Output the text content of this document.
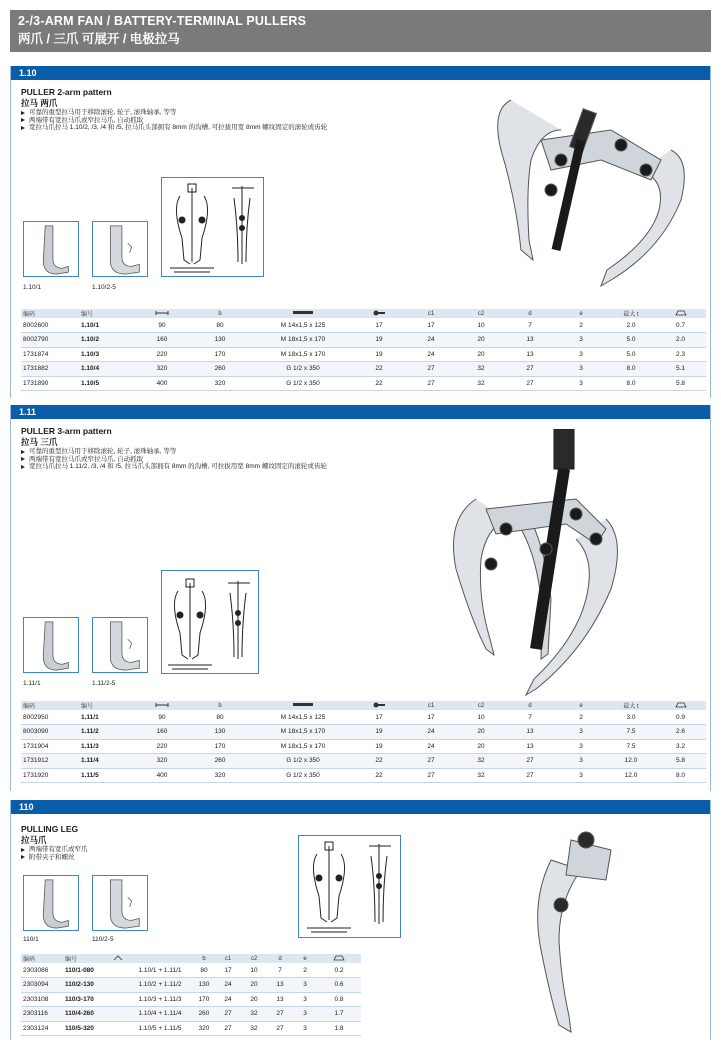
2-/3-ARM FAN / BATTERY-TERMINAL PULLERS
两爪 / 三爪 可展开 / 电极拉马
1.10
PULLER 2-arm pattern
拉马 两爪
可靠的重型拉马用于移除滚轮, 轮子, 滚珠轴承, 等等
两端带有宽拉马爪或窄拉马爪, 自动抓取
宽拉马爪拉马 1.10/2, /3, /4 和 /5, 拉马爪头部拥有 8mm 的沟槽, 可拉拔用宽 8mm 螺纹固定的滚轮或齿轮
1.10/1	1.10/2-5
编码	编号		b			c1	c2	d	e	最大 t	
8002600	1.10/1	90	80	M 14x1,5 x 125	17	17	10	7	2	2.0	0.7
8002790	1.10/2	160	130	M 18x1,5 x 170	19	24	20	13	3	5.0	2.0
1731874	1.10/3	220	170	M 18x1,5 x 170	19	24	20	13	3	5.0	2.3
1731882	1.10/4	320	260	G 1/2 x 350	22	27	32	27	3	8.0	5.1
1731890	1.10/5	400	320	G 1/2 x 350	22	27	32	27	3	8.0	5.8
1.11
PULLER 3-arm pattern
拉马 三爪
可靠的重型拉马用于移除滚轮, 轮子, 滚珠轴承, 等等
两端带有宽拉马爪或窄拉马爪, 自动抓取
宽拉马爪拉马 1.11/2, /3, /4 和 /5, 拉马爪头部拥有 8mm 的沟槽, 可拉拔用宽 8mm 螺纹固定的滚轮或齿轮
1.11/1	1.11/2-5
编码	编号		b			c1	c2	d	e	最大 t	
8002950	1.11/1	90	80	M 14x1,5 x 125	17	17	10	7	2	3.0	0.9
8003090	1.11/2	160	130	M 18x1,5 x 170	19	24	20	13	3	7.5	2.6
1731904	1.11/3	220	170	M 18x1,5 x 170	19	24	20	13	3	7.5	3.2
1731912	1.11/4	320	260	G 1/2 x 350	22	27	32	27	3	12.0	5.8
1731920	1.11/5	400	320	G 1/2 x 350	22	27	32	27	3	12.0	8.0
110
PULLING LEG
拉马爪
两端带有宽爪或窄爪
附带夹子和螺丝
110/1	110/2-5
编码	编号			b	c1	c2	d	e	
2303086	110/1-080		1.10/1 + 1.11/1	80	17	10	7	2	0.2
2303094	110/2-130		1.10/2 + 1.11/2	130	24	20	13	3	0.6
2303108	110/3-170		1.10/3 + 1.11/3	170	24	20	13	3	0.8
2303116	110/4-260		1.10/4 + 1.11/4	260	27	32	27	3	1.7
2303124	110/5-320		1.10/5 + 1.11/5	320	27	32	27	3	1.8
